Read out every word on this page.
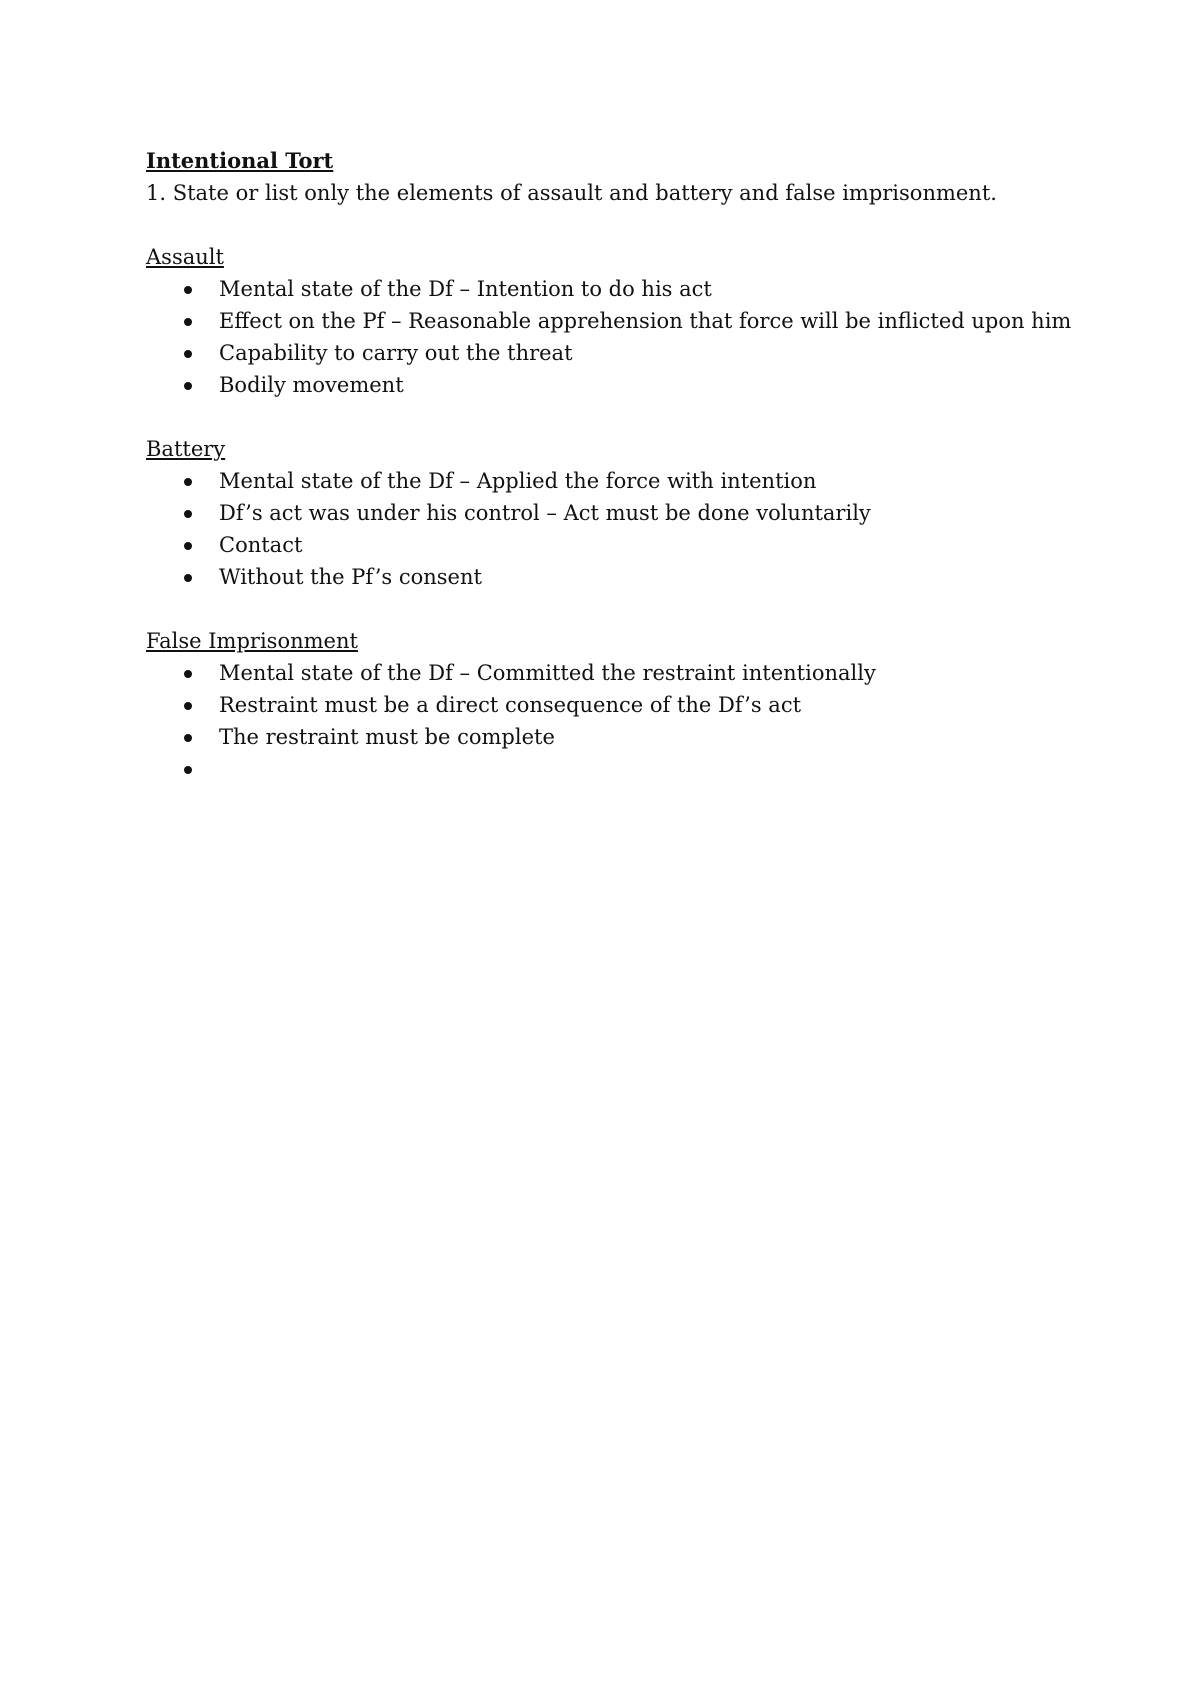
Intentional Tort

1. State or list only the elements of assault and battery and false imprisonment.

Assault

Mental state of the Df – Intention to do his act
Effect on the Pf – Reasonable apprehension that force will be inflicted upon him
Capability to carry out the threat
Bodily movement

Battery

Mental state of the Df – Applied the force with intention
Df’s act was under his control – Act must be done voluntarily
Contact
Without the Pf’s consent

False Imprisonment

Mental state of the Df – Committed the restraint intentionally
Restraint must be a direct consequence of the Df’s act
The restraint must be complete
